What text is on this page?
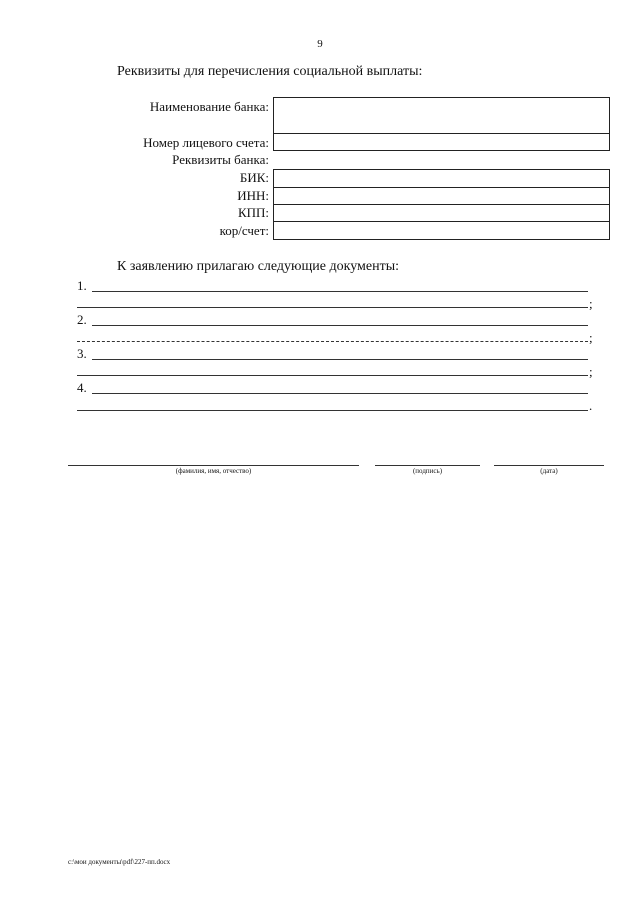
9
Реквизиты для перечисления социальной выплаты:
Наименование банка:
Номер лицевого счета:
Реквизиты банка:
БИК:
ИНН:
КПП:
кор/счет:
К заявлению прилагаю следующие документы:
1.
;
2.
;
3.
;
4.
.
(фамилия, имя, отчество)	(подпись)	(дата)
c:\мои документы\pdf\227-пп.docx
